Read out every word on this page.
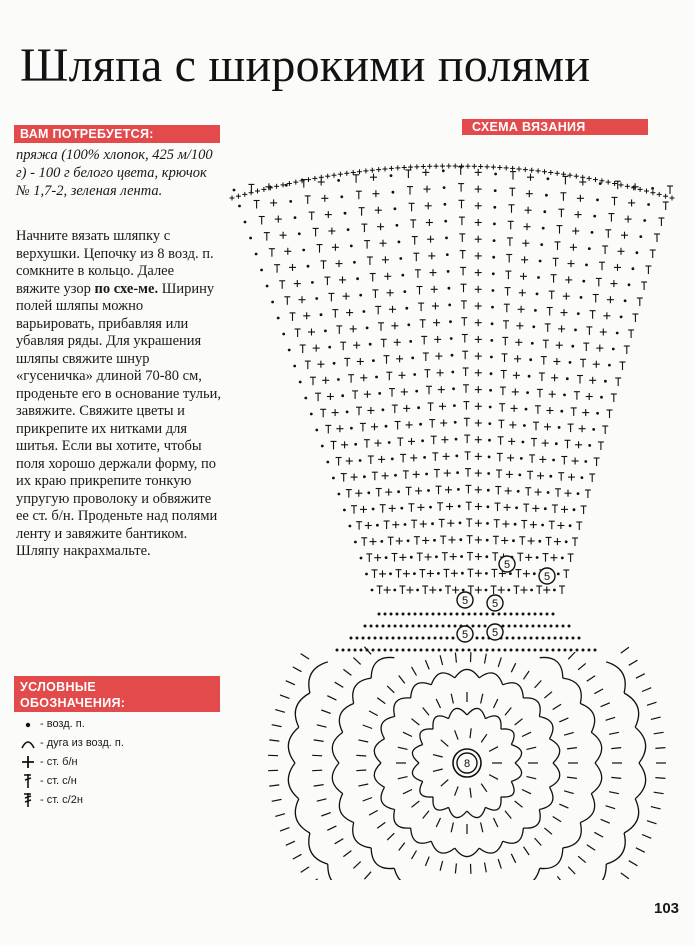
Шляпа с широкими полями
ВАМ ПОТРЕБУЕТСЯ:
пряжа (100% хлопок, 425 м/100 г) - 100 г белого цвета, крючок № 1,7-2, зеленая лента.
Начните вязать шляпку с верхушки. Цепочку из 8 возд. п. сомкните в кольцо. Далее вяжите узор по схе-ме. Ширину полей шляпы можно варьировать, прибавляя или убавляя ряды. Для украшения шляпы свяжите шнур «гусеничка» длиной 70-80 см, проденьте его в основание тульи, завяжите. Свяжите цветы и прикрепите их нитками для шитья. Если вы хотите, чтобы поля хорошо держали форму, по их краю прикрепите тонкую упругую проволоку и обвяжите ее ст. б/н. Проденьте над полями ленту и завяжите бантиком. Шляпу накрахмальте.
СХЕМА ВЯЗАНИЯ
УСЛОВНЫЕ
ОБОЗНАЧЕНИЯ:
- возд. п.
- дуга из возд. п.
- ст. б/н
- ст. с/н
- ст. с/2н
8
5
5
5 5
5 5
103
